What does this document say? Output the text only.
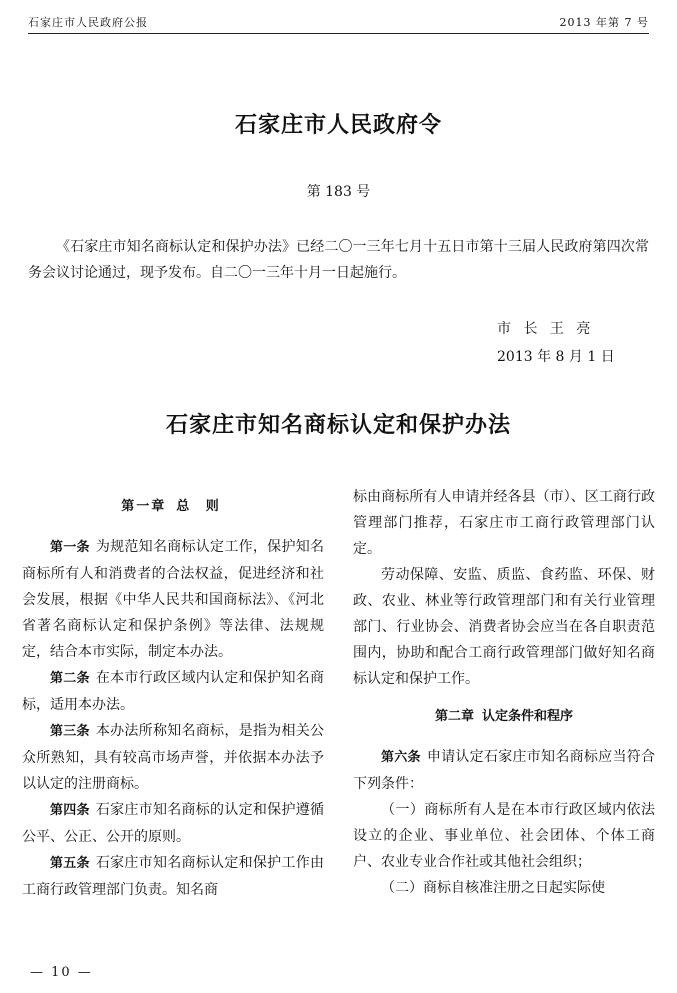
石家庄市人民政府公报	2013 年第 7 号
石家庄市人民政府令
第 183 号
《石家庄市知名商标认定和保护办法》已经二〇一三年七月十五日市第十三届人民政府第四次常务会议讨论通过，现予发布。自二〇一三年十月一日起施行。
市 长 王 亮
2013 年 8 月 1 日
石家庄市知名商标认定和保护办法

第一章 总 则

第一条 为规范知名商标认定工作，保护知名商标所有人和消费者的合法权益，促进经济和社会发展，根据《中华人民共和国商标法》、《河北省著名商标认定和保护条例》等法律、法规规定，结合本市实际，制定本办法。

第二条 在本市行政区域内认定和保护知名商标，适用本办法。

第三条 本办法所称知名商标，是指为相关公众所熟知，具有较高市场声誉，并依据本办法予以认定的注册商标。

第四条 石家庄市知名商标的认定和保护遵循公平、公正、公开的原则。

第五条 石家庄市知名商标认定和保护工作由工商行政管理部门负责。知名商

标由商标所有人申请并经各县（市）、区工商行政管理部门推荐，石家庄市工商行政管理部门认定。

劳动保障、安监、质监、食药监、环保、财政、农业、林业等行政管理部门和有关行业管理部门、行业协会、消费者协会应当在各自职责范围内，协助和配合工商行政管理部门做好知名商标认定和保护工作。

第二章 认定条件和程序

第六条 申请认定石家庄市知名商标应当符合下列条件：

（一）商标所有人是在本市行政区域内依法设立的企业、事业单位、社会团体、个体工商户、农业专业合作社或其他社会组织；

（二）商标自核准注册之日起实际使

— 10 —
